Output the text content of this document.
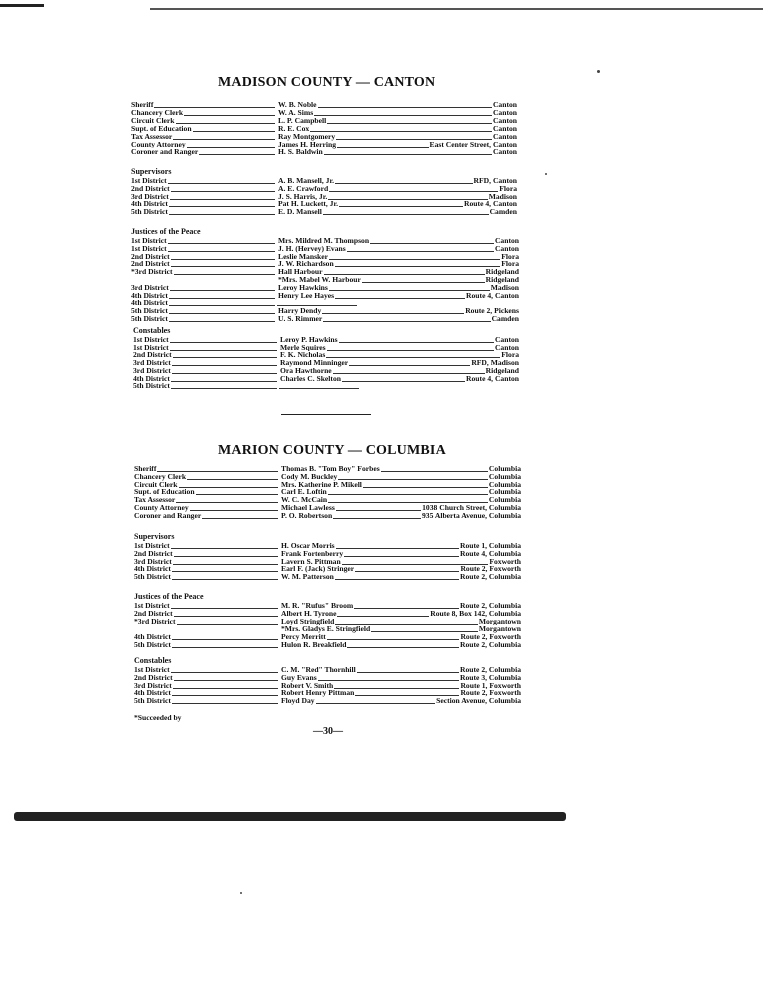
MADISON COUNTY — CANTON
Supervisors
Justices of the Peace
Constables
MARION COUNTY — COLUMBIA
Supervisors
Justices of the Peace
Constables
*Succeeded by
—30—
Sheriff	W. B. Noble	Canton
Chancery Clerk	W. A. Sims	Canton
Circuit Clerk	L. P. Campbell	Canton
Supt. of Education	R. E. Cox	Canton
Tax Assessor	Ray Montgomery	Canton
County Attorney	James H. Herring	East Center Street, Canton
Coroner and Ranger	H. S. Baldwin	Canton
1st District	A. B. Mansell, Jr.	RFD, Canton
2nd District	A. E. Crawford	Flora
3rd District	J. S. Harris, Jr.	Madison
4th District	Pat H. Luckett, Jr.	Route 4, Canton
5th District	E. D. Mansell	Camden
1st District	Mrs. Mildred M. Thompson	Canton
1st District	J. H. (Hervey) Evans	Canton
2nd District	Leslie Mansker	Flora
2nd District	J. W. Richardson	Flora
*3rd District	Hall Harbour	Ridgeland
*Mrs. Mabel W. Harbour	Ridgeland
3rd District	Leroy Hawkins	Madison
4th District	Henry Lee Hayes	Route 4, Canton
4th District
5th District	Harry Dendy	Route 2, Pickens
5th District	U. S. Rimmer	Camden
1st District	Leroy P. Hawkins	Canton
1st District	Merle Squires	Canton
2nd District	F. K. Nicholas	Flora
3rd District	Raymond Minninger	RFD, Madison
3rd District	Ora Hawthorne	Ridgeland
4th District	Charles C. Skelton	Route 4, Canton
5th District
Sheriff	Thomas B. "Tom Boy" Forbes	Columbia
Chancery Clerk	Cody M. Buckley	Columbia
Circuit Clerk	Mrs. Katherine P. Mikell	Columbia
Supt. of Education	Carl E. Loftin	Columbia
Tax Assessor	W. C. McCain	Columbia
County Attorney	Michael Lawless	1038 Church Street, Columbia
Coroner and Ranger	P. O. Robertson	935 Alberta Avenue, Columbia
1st District	H. Oscar Morris	Route 1, Columbia
2nd District	Frank Fortenberry	Route 4, Columbia
3rd District	Lavern S. Pittman	Foxworth
4th District	Earl F. (Jack) Stringer	Route 2, Foxworth
5th District	W. M. Patterson	Route 2, Columbia
1st District	M. R. "Rufus" Broom	Route 2, Columbia
2nd District	Albert H. Tyrone	Route 8, Box 142, Columbia
*3rd District	Loyd Stringfield	Morgantown
*Mrs. Gladys E. Stringfield	Morgantown
4th District	Percy Merritt	Route 2, Foxworth
5th District	Hulon R. Breakfield	Route 2, Columbia
1st District	C. M. "Red" Thornhill	Route 2, Columbia
2nd District	Guy Evans	Route 3, Columbia
3rd District	Robert V. Smith	Route 1, Foxworth
4th District	Robert Henry Pittman	Route 2, Foxworth
5th District	Floyd Day	Section Avenue, Columbia
